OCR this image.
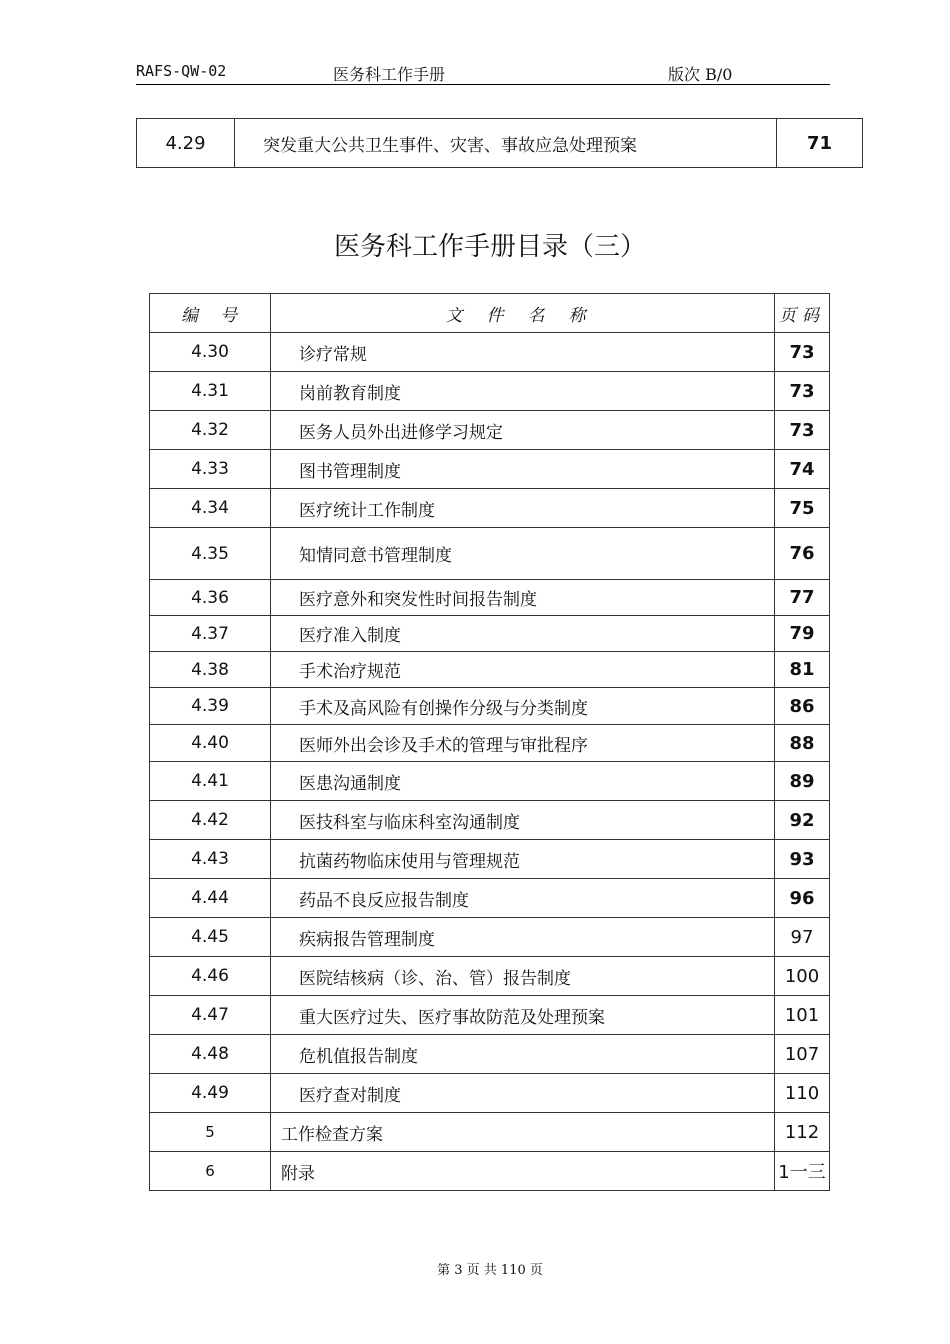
RAFS-QW-02	医务科工作手册	版次 B/0
4.29	突发重大公共卫生事件、灾害、事故应急处理预案	71
医务科工作手册目录（三）
编号	文件名称	页码
4.30	诊疗常规	73
4.31	岗前教育制度	73
4.32	医务人员外出进修学习规定	73
4.33	图书管理制度	74
4.34	医疗统计工作制度	75
4.35	知情同意书管理制度	76
4.36	医疗意外和突发性时间报告制度	77
4.37	医疗准入制度	79
4.38	手术治疗规范	81
4.39	手术及高风险有创操作分级与分类制度	86
4.40	医师外出会诊及手术的管理与审批程序	88
4.41	医患沟通制度	89
4.42	医技科室与临床科室沟通制度	92
4.43	抗菌药物临床使用与管理规范	93
4.44	药品不良反应报告制度	96
4.45	疾病报告管理制度	97
4.46	医院结核病（诊、治、管）报告制度	100
4.47	重大医疗过失、医疗事故防范及处理预案	101
4.48	危机值报告制度	107
4.49	医疗查对制度	110
5	工作检查方案	112
6	附录	1一三
第 3 页 共 110 页
